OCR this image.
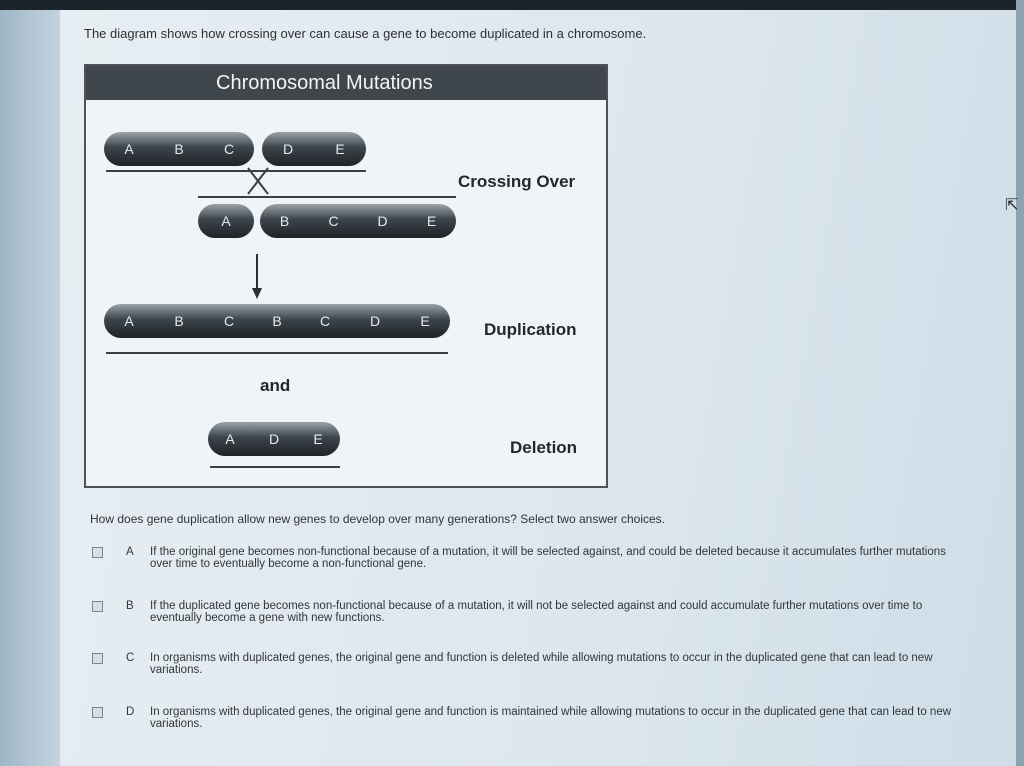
The diagram shows how crossing over can cause a gene to become duplicated in a chromosome.
Chromosomal Mutations
A	B	C	D	E
Crossing Over
A	B	C	D	E
A	B	C	B	C	D	E	Duplication
and
A	D	E	Deletion
How does gene duplication allow new genes to develop over many generations? Select two answer choices.
A If the original gene becomes non-functional because of a mutation, it will be selected against, and could be deleted because it accumulates further mutations over time to eventually become a non-functional gene.
B If the duplicated gene becomes non-functional because of a mutation, it will not be selected against and could accumulate further mutations over time to eventually become a gene with new functions.
C In organisms with duplicated genes, the original gene and function is deleted while allowing mutations to occur in the duplicated gene that can lead to new variations.
D In organisms with duplicated genes, the original gene and function is maintained while allowing mutations to occur in the duplicated gene that can lead to new variations.
⇱
